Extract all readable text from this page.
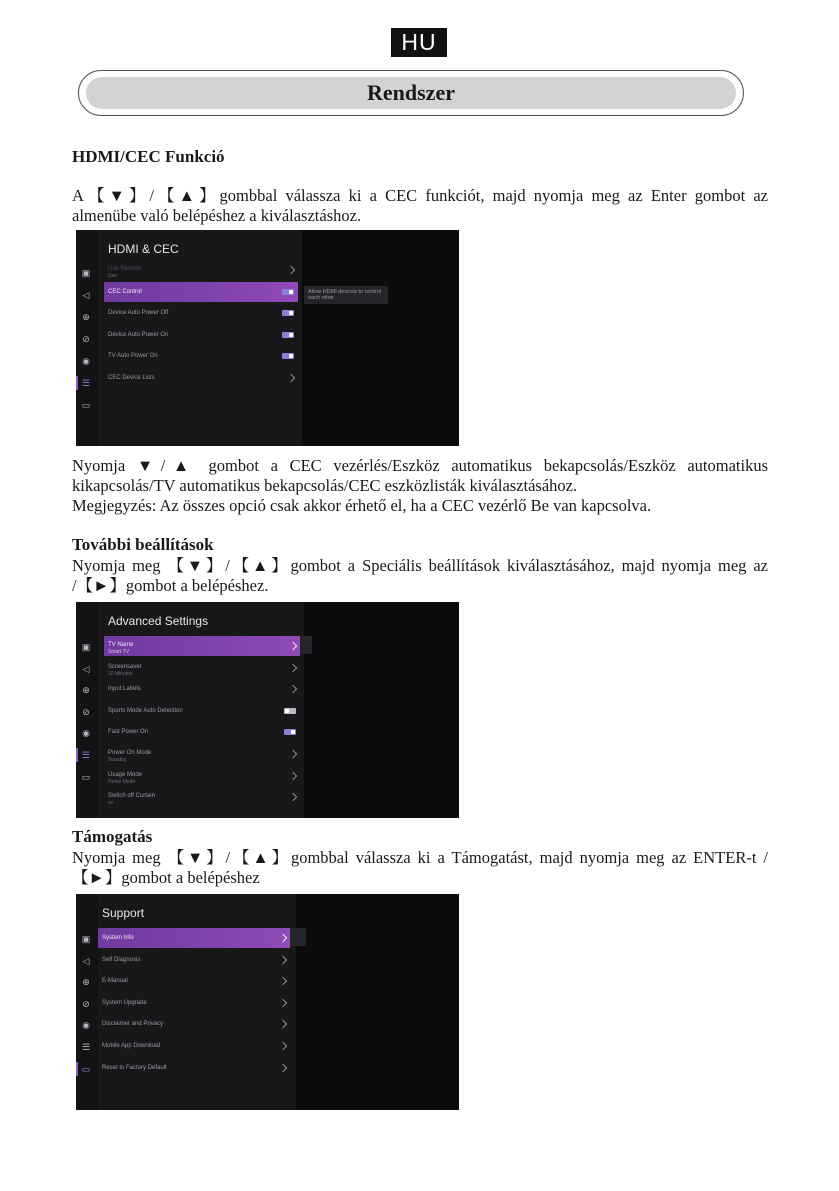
HU
Rendszer
HDMI/CEC Funkció
A【▼】/【▲】gombbal válassza ki a CEC funkciót, majd nyomja meg az Enter gombot az
almenübe való belépéshez a kiválasztáshoz.
HDMI & CEC
Allow HDMI devices to control each other.
▣
◁
⊕
⊘
◉
☰
▭
Use Remote
Use
CEC Control
Device Auto Power Off
Device Auto Power On
TV Auto Power On
CEC Device Lists
Nyomja ▼/▲ gombot a CEC vezérlés/Eszköz automatikus bekapcsolás/Eszköz automatikus
kikapcsolás/TV automatikus bekapcsolás/CEC eszközlisták kiválasztásához.
Megjegyzés: Az összes opció csak akkor érhető el, ha a CEC vezérlő Be van kapcsolva.
További beállítások
Nyomja meg 【▼】/【▲】gombot a Speciális beállítások kiválasztásához, majd nyomja meg az
/【►】gombot a belépéshez.
Advanced Settings
▣
◁
⊕
⊘
◉
☰
▭
TV Name
Smart TV
Screensaver
10 Minutes
Input Labels
Sports Mode Auto Detection
Fast Power On
Power On Mode
Standby
Usage Mode
Home Mode
Switch off Curtain
ss
Támogatás
Nyomja meg 【▼】/【▲】gombbal válassza ki a Támogatást, majd nyomja meg az ENTER-t /
【►】gombot a belépéshez
Support
▣
◁
⊕
⊘
◉
☰
▭
System Info
Self Diagnosis
E-Manual
System Upgrade
Disclaimer and Privacy
Mobile App Download
Reset to Factory Default
